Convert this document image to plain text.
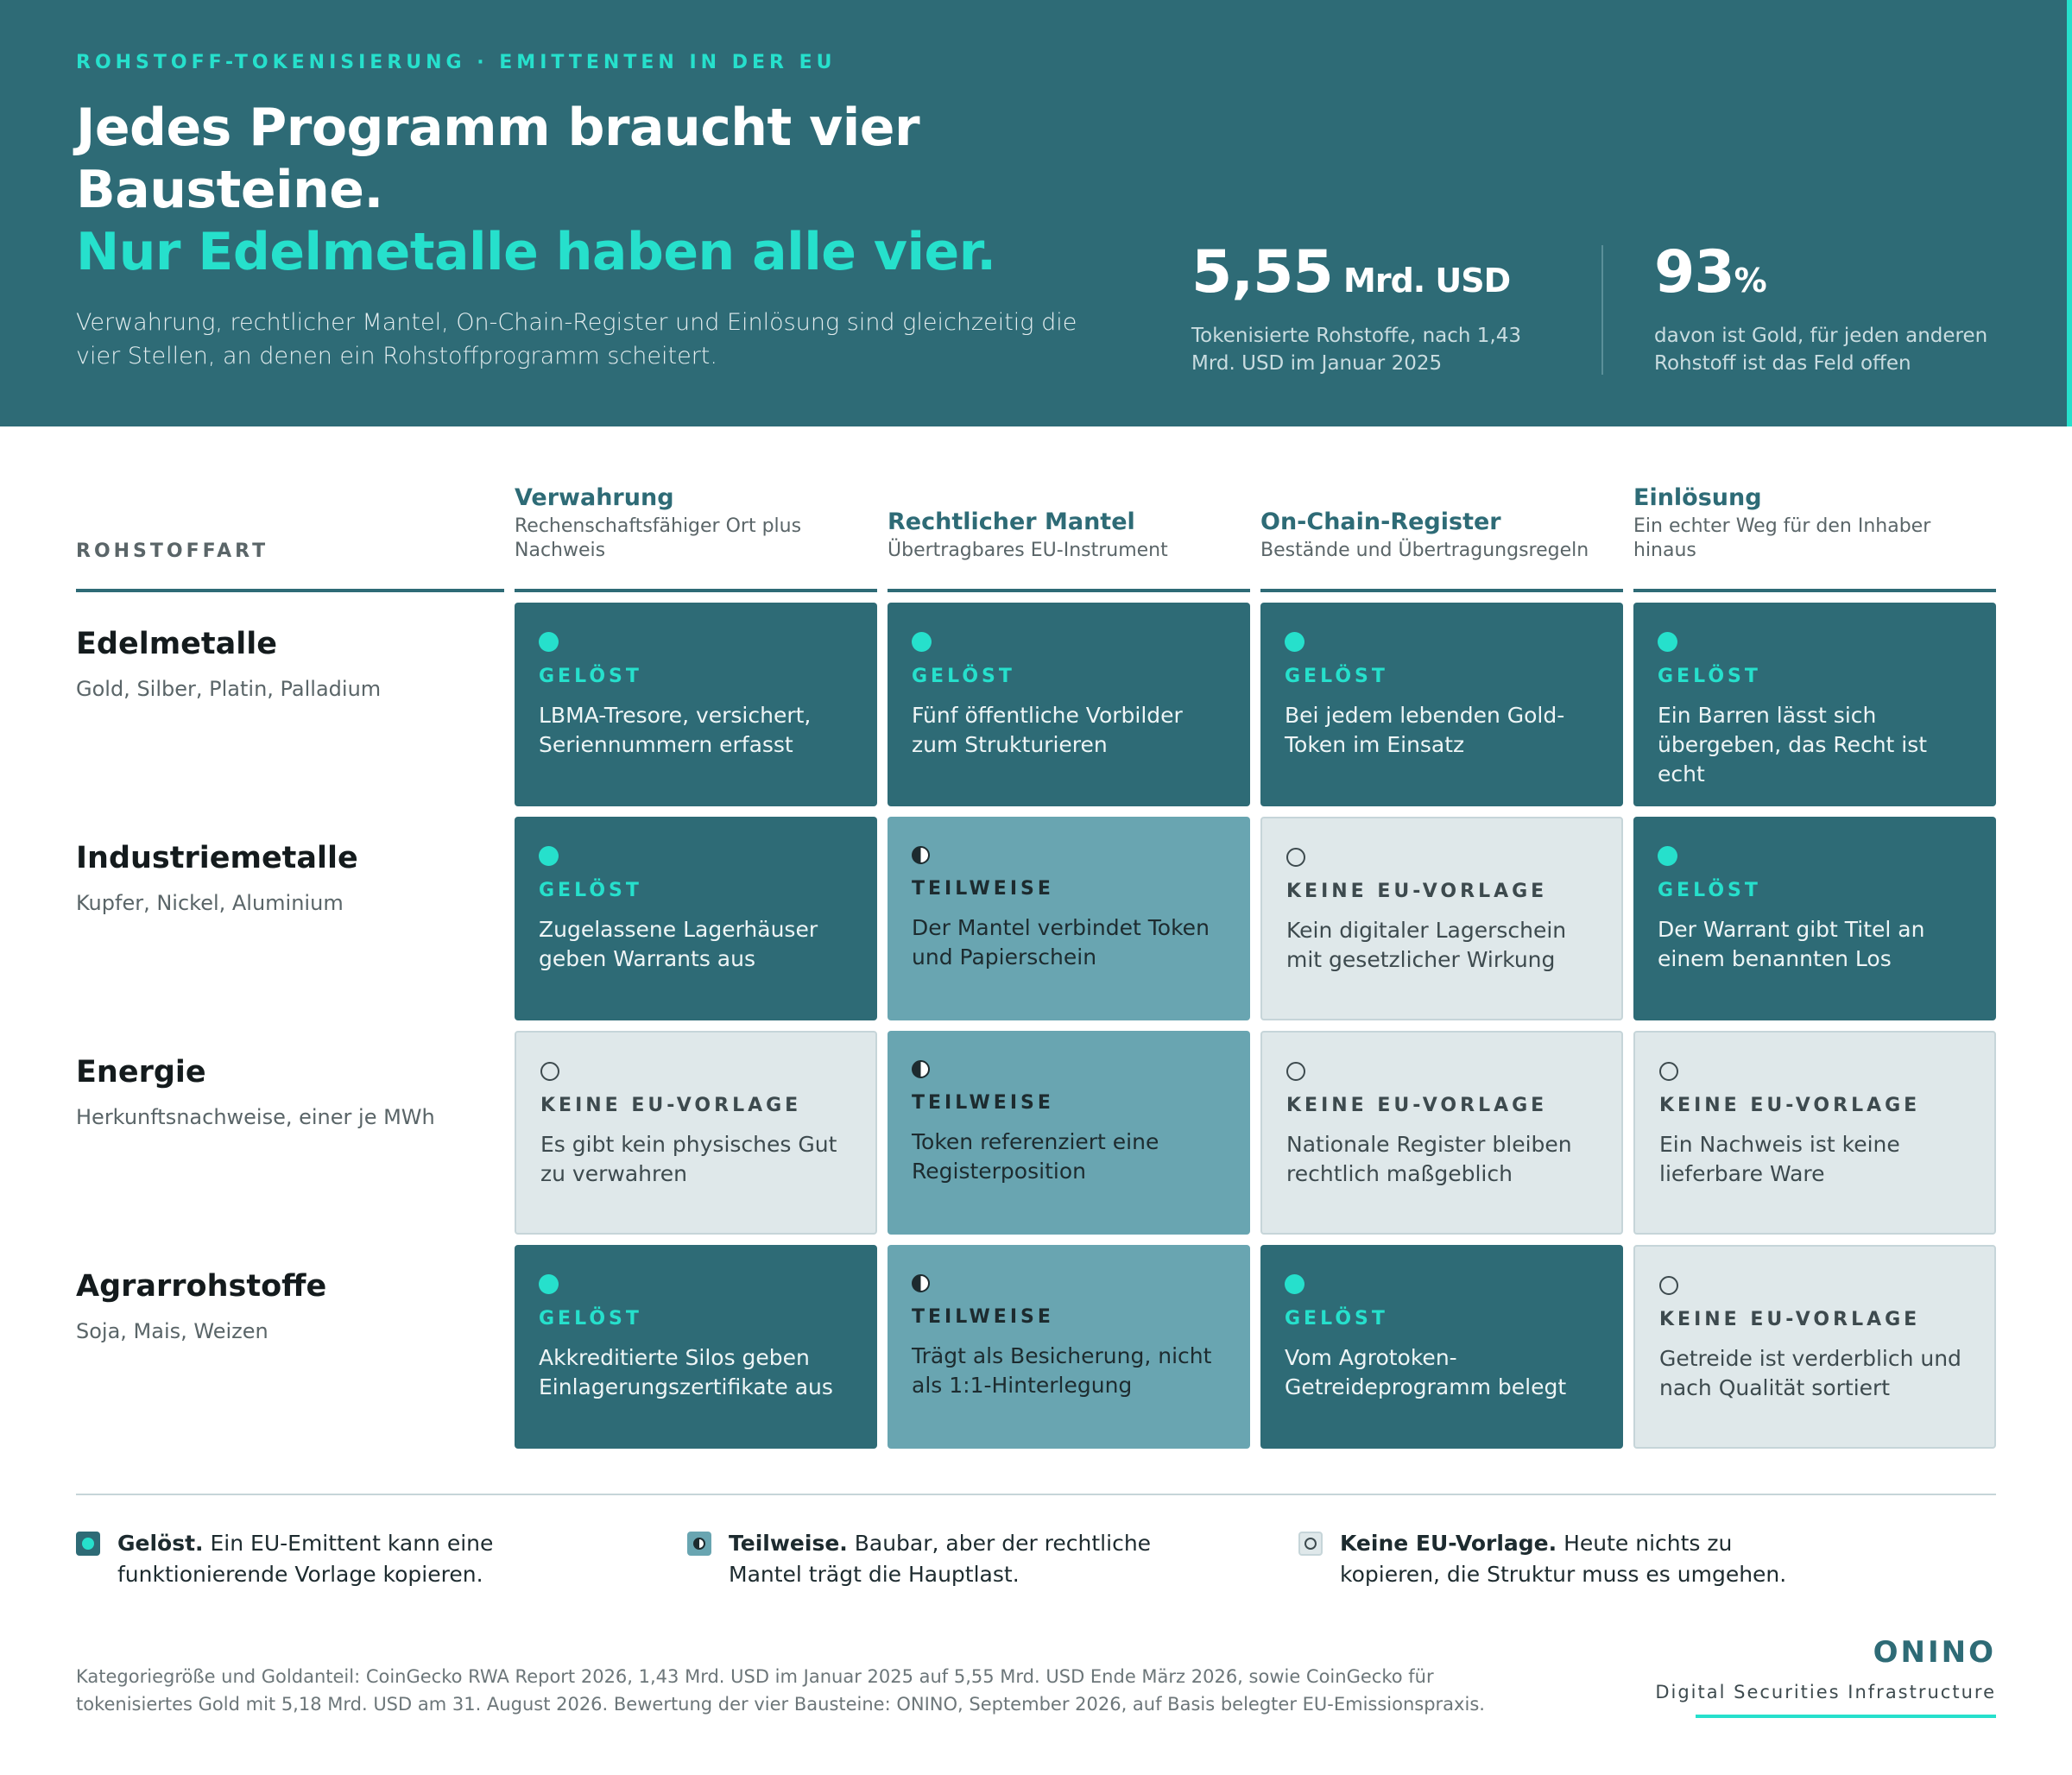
ROHSTOFF-TOKENISIERUNG · EMITTENTEN IN DER EU
Jedes Programm braucht vier Bausteine.
Nur Edelmetalle haben alle vier.
Verwahrung, rechtlicher Mantel, On-Chain-Register und Einlösung sind gleichzeitig die vier Stellen, an denen ein Rohstoffprogramm scheitert.
5,55 Mrd. USD
Tokenisierte Rohstoffe, nach 1,43 Mrd. USD im Januar 2025
93%
davon ist Gold, für jeden anderen Rohstoff ist das Feld offen
ROHSTOFFART
Verwahrung
Rechenschaftsfähiger Ort plus Nachweis
Rechtlicher Mantel
Übertragbares EU-Instrument
On-Chain-Register
Bestände und Übertragungsregeln
Einlösung
Ein echter Weg für den Inhaber hinaus
Edelmetalle
Gold, Silber, Platin, Palladium
Industriemetalle
Kupfer, Nickel, Aluminium
Energie
Herkunftsnachweise, einer je MWh
Agrarrohstoffe
Soja, Mais, Weizen
GELÖST
LBMA-Tresore, versichert, Seriennummern erfasst
GELÖST
Fünf öffentliche Vorbilder zum Strukturieren
GELÖST
Bei jedem lebenden Gold-Token im Einsatz
GELÖST
Ein Barren lässt sich übergeben, das Recht ist echt
GELÖST
Zugelassene Lagerhäuser geben Warrants aus
TEILWEISE
Der Mantel verbindet Token und Papierschein
KEINE EU-VORLAGE
Kein digitaler Lagerschein mit gesetzlicher Wirkung
GELÖST
Der Warrant gibt Titel an einem benannten Los
KEINE EU-VORLAGE
Es gibt kein physisches Gut zu verwahren
TEILWEISE
Token referenziert eine Registerposition
KEINE EU-VORLAGE
Nationale Register bleiben rechtlich maßgeblich
KEINE EU-VORLAGE
Ein Nachweis ist keine lieferbare Ware
GELÖST
Akkreditierte Silos geben Einlagerungszertifikate aus
TEILWEISE
Trägt als Besicherung, nicht als 1:1-Hinterlegung
GELÖST
Vom Agrotoken-Getreideprogramm belegt
KEINE EU-VORLAGE
Getreide ist verderblich und nach Qualität sortiert
Gelöst. Ein EU-Emittent kann eine funktionierende Vorlage kopieren.
Teilweise. Baubar, aber der rechtliche Mantel trägt die Hauptlast.
Keine EU-Vorlage. Heute nichts zu kopieren, die Struktur muss es umgehen.
Kategoriegröße und Goldanteil: CoinGecko RWA Report 2026, 1,43 Mrd. USD im Januar 2025 auf 5,55 Mrd. USD Ende März 2026, sowie CoinGecko für tokenisiertes Gold mit 5,18 Mrd. USD am 31. August 2026. Bewertung der vier Bausteine: ONINO, September 2026, auf Basis belegter EU-Emissionspraxis.
ONINO
Digital Securities Infrastructure
